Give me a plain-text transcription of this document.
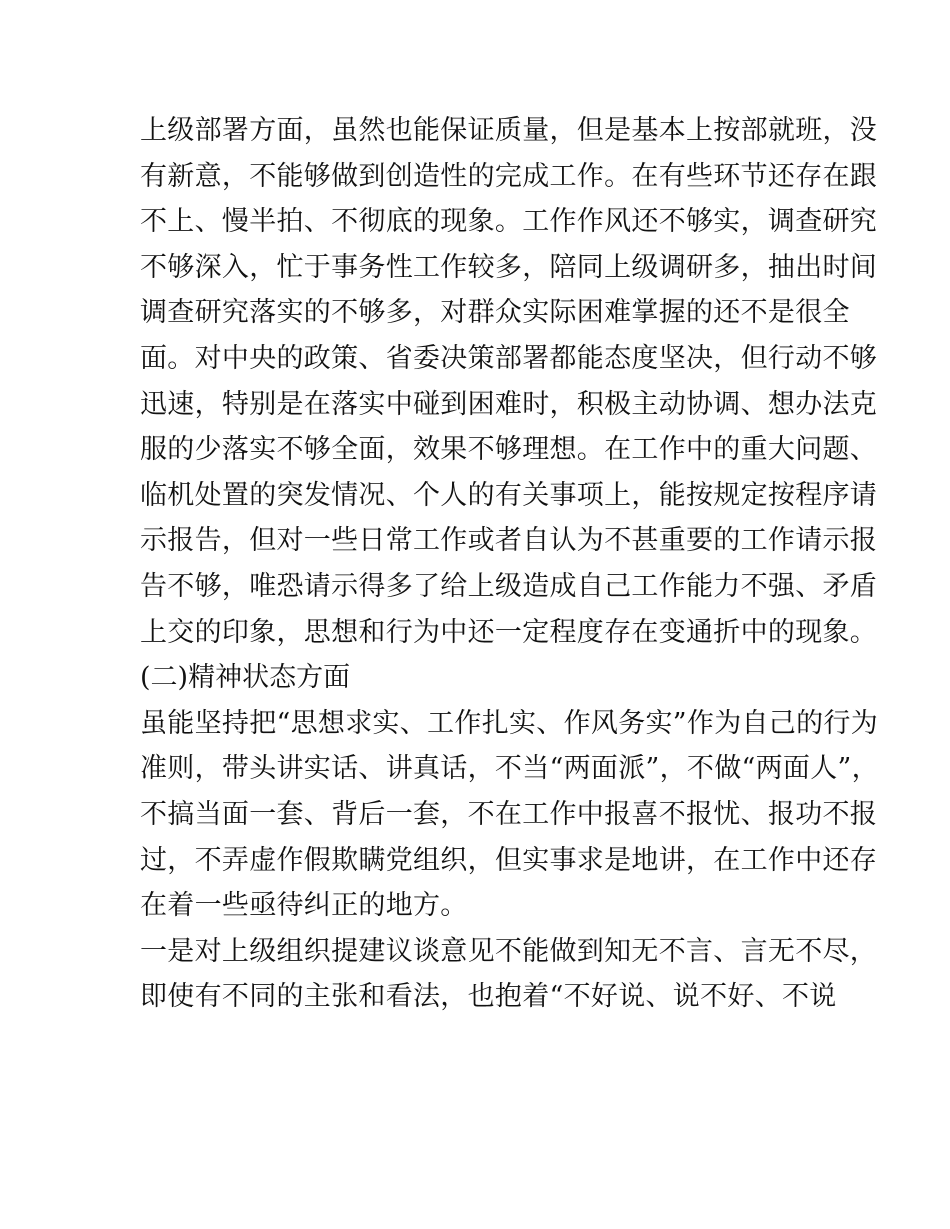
上级部署方面，虽然也能保证质量，但是基本上按部就班，没
有新意，不能够做到创造性的完成工作。在有些环节还存在跟
不上、慢半拍、不彻底的现象。工作作风还不够实，调查研究
不够深入，忙于事务性工作较多，陪同上级调研多，抽出时间
调查研究落实的不够多，对群众实际困难掌握的还不是很全
面。对中央的政策、省委决策部署都能态度坚决，但行动不够
迅速，特别是在落实中碰到困难时，积极主动协调、想办法克
服的少落实不够全面，效果不够理想。在工作中的重大问题、
临机处置的突发情况、个人的有关事项上，能按规定按程序请
示报告，但对一些日常工作或者自认为不甚重要的工作请示报
告不够，唯恐请示得多了给上级造成自己工作能力不强、矛盾
上交的印象，思想和行为中还一定程度存在变通折中的现象。
(二)精神状态方面
虽能坚持把“思想求实、工作扎实、作风务实”作为自己的行为
准则，带头讲实话、讲真话，不当“两面派”，不做“两面人”，
不搞当面一套、背后一套，不在工作中报喜不报忧、报功不报
过，不弄虚作假欺瞒党组织，但实事求是地讲，在工作中还存
在着一些亟待纠正的地方。
一是对上级组织提建议谈意见不能做到知无不言、言无不尽，
即使有不同的主张和看法，也抱着“不好说、说不好、不说
